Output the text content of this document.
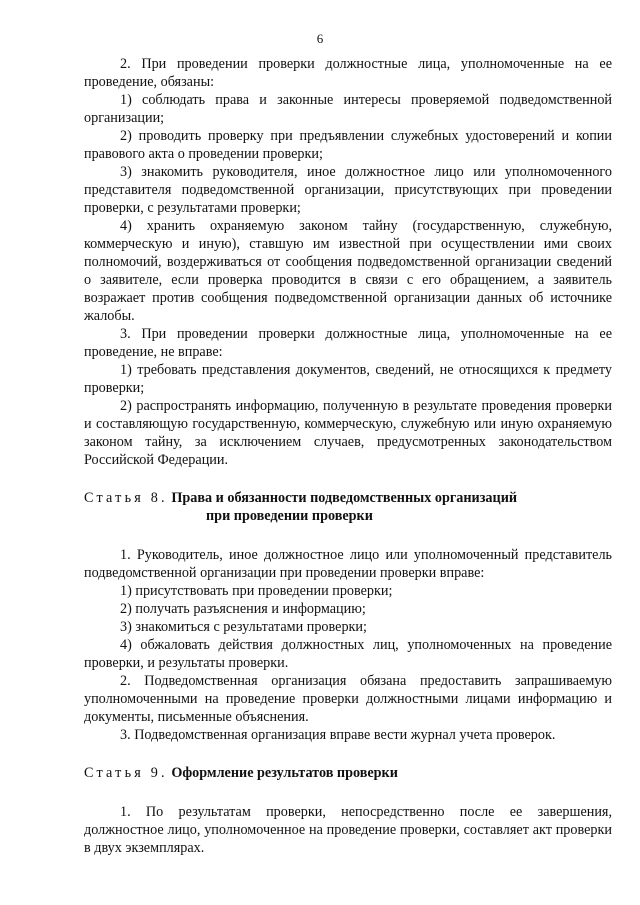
6

2. При проведении проверки должностные лица, уполномоченные на ее проведение, обязаны:

1) соблюдать права и законные интересы проверяемой подведомственной организации;

2) проводить проверку при предъявлении служебных удостоверений и копии правового акта о проведении проверки;

3) знакомить руководителя, иное должностное лицо или уполномоченного представителя подведомственной организации, присутствующих при проведении проверки, с результатами проверки;

4) хранить охраняемую законом тайну (государственную, служебную, коммерческую и иную), ставшую им известной при осуществлении ими своих полномочий, воздерживаться от сообщения подведомственной организации сведений о заявителе, если проверка проводится в связи с его обращением, а заявитель возражает против сообщения подведомственной организации данных об источнике жалобы.

3. При проведении проверки должностные лица, уполномоченные на ее проведение, не вправе:

1) требовать представления документов, сведений, не относящихся к предмету проверки;

2) распространять информацию, полученную в результате проведения проверки и составляющую государственную, коммерческую, служебную или иную охраняемую законом тайну, за исключением случаев, предусмотренных законодательством Российской Федерации.

Статья 8. Права и обязанности подведомственных организаций

при проведении проверки

1. Руководитель, иное должностное лицо или уполномоченный представитель подведомственной организации при проведении проверки вправе:

1) присутствовать при проведении проверки;

2) получать разъяснения и информацию;

3) знакомиться с результатами проверки;

4) обжаловать действия должностных лиц, уполномоченных на проведение проверки, и результаты проверки.

2. Подведомственная организация обязана предоставить запрашиваемую уполномоченными на проведение проверки должностными лицами информацию и документы, письменные объяснения.

3. Подведомственная организация вправе вести журнал учета проверок.

Статья 9. Оформление результатов проверки

1. По результатам проверки, непосредственно после ее завершения, должностное лицо, уполномоченное на проведение проверки, составляет акт проверки в двух экземплярах.
